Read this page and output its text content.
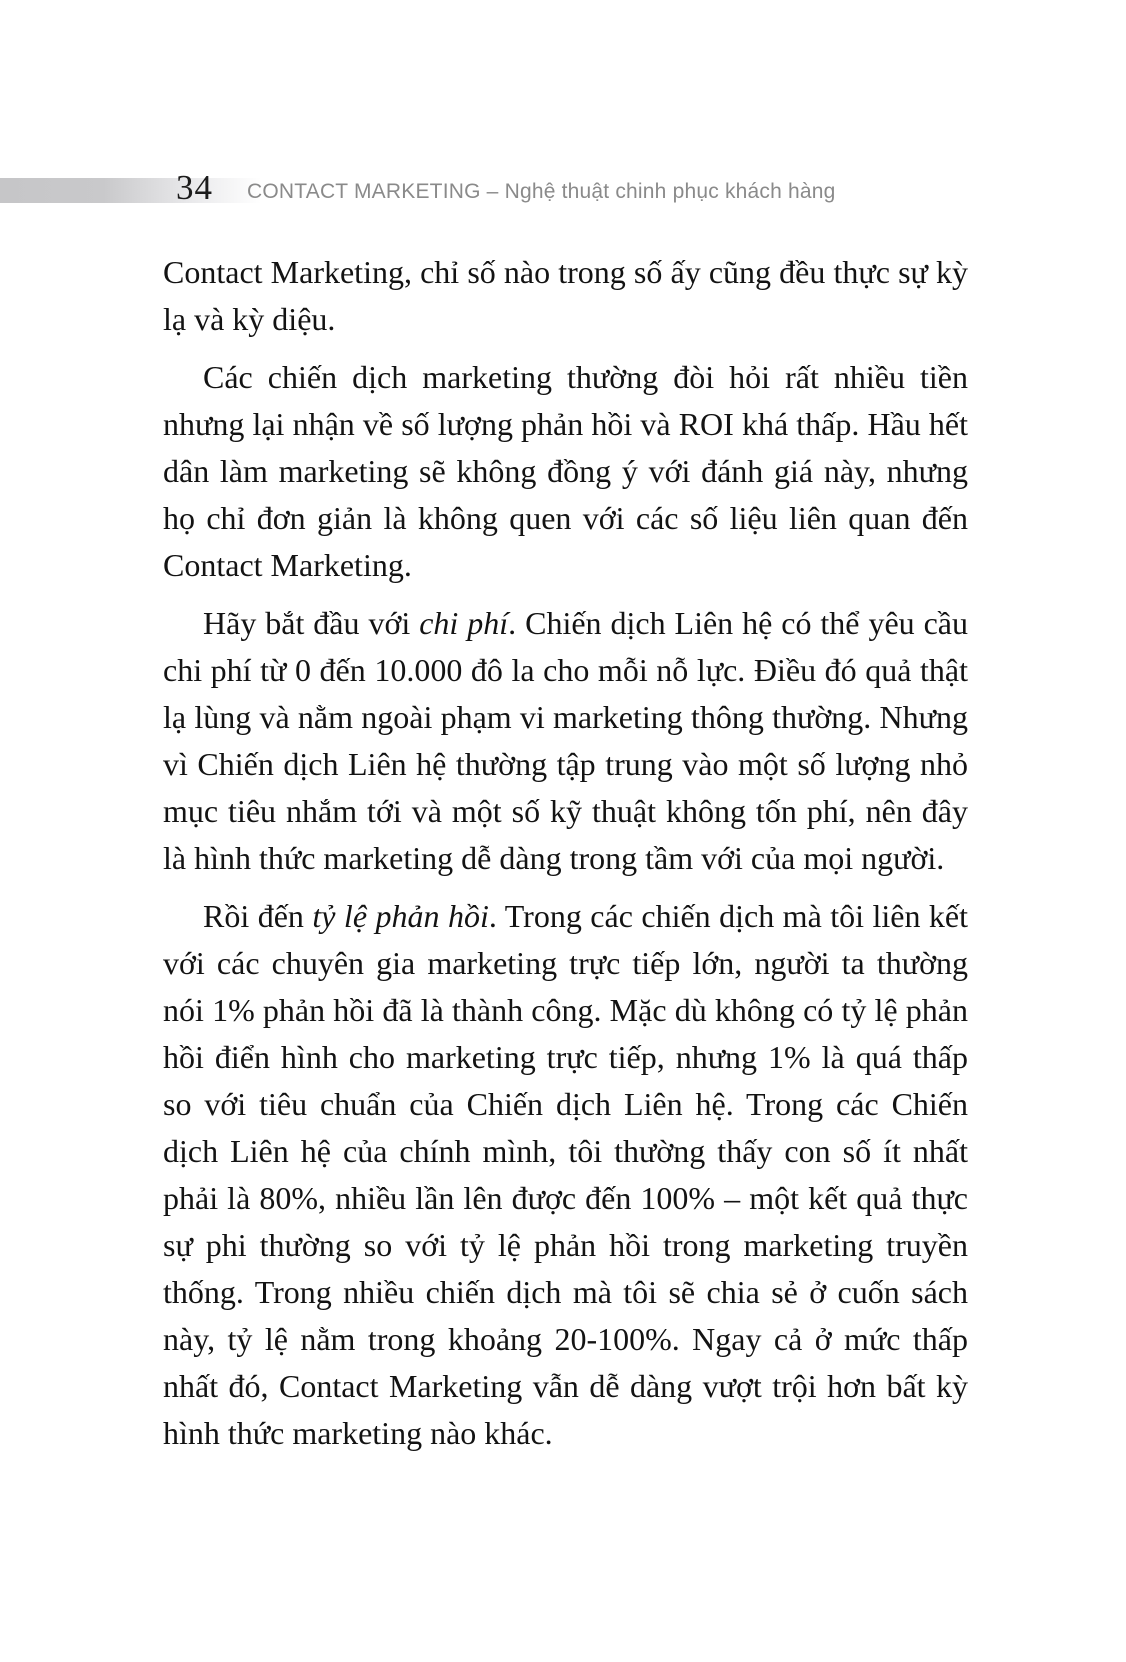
34 CONTACT MARKETING – Nghệ thuật chinh phục khách hàng

Contact Marketing, chỉ số nào trong số ấy cũng đều thực sự kỳ lạ và kỳ diệu.

Các chiến dịch marketing thường đòi hỏi rất nhiều tiền nhưng lại nhận về số lượng phản hồi và ROI khá thấp. Hầu hết dân làm marketing sẽ không đồng ý với đánh giá này, nhưng họ chỉ đơn giản là không quen với các số liệu liên quan đến Contact Marketing.

Hãy bắt đầu với chi phí. Chiến dịch Liên hệ có thể yêu cầu chi phí từ 0 đến 10.000 đô la cho mỗi nỗ lực. Điều đó quả thật lạ lùng và nằm ngoài phạm vi marketing thông thường. Nhưng vì Chiến dịch Liên hệ thường tập trung vào một số lượng nhỏ mục tiêu nhắm tới và một số kỹ thuật không tốn phí, nên đây là hình thức marketing dễ dàng trong tầm với của mọi người.

Rồi đến tỷ lệ phản hồi. Trong các chiến dịch mà tôi liên kết với các chuyên gia marketing trực tiếp lớn, người ta thường nói 1% phản hồi đã là thành công. Mặc dù không có tỷ lệ phản hồi điển hình cho marketing trực tiếp, nhưng 1% là quá thấp so với tiêu chuẩn của Chiến dịch Liên hệ. Trong các Chiến dịch Liên hệ của chính mình, tôi thường thấy con số ít nhất phải là 80%, nhiều lần lên được đến 100% – một kết quả thực sự phi thường so với tỷ lệ phản hồi trong marketing truyền thống. Trong nhiều chiến dịch mà tôi sẽ chia sẻ ở cuốn sách này, tỷ lệ nằm trong khoảng 20-100%. Ngay cả ở mức thấp nhất đó, Contact Marketing vẫn dễ dàng vượt trội hơn bất kỳ hình thức marketing nào khác.
